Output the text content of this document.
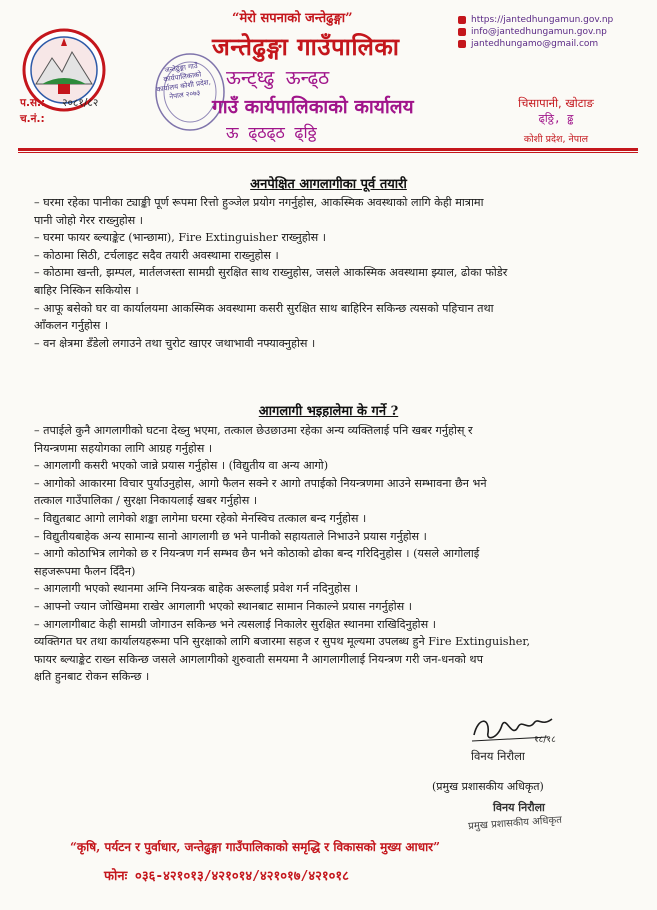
“मेरो सपनाको जन्तेढुङ्गा”
जन्तेढुङ्गा गाउँ कार्यपालिकाको कार्यालय कोशी प्रदेश, नेपाल २०७३
जन्तेढुङ्गा गाउँपालिका
ऊन्ट्ध्ढु ऊन्ढ्ठ
गाउँ कार्यपालिकाको कार्यालय
ऊ ढ्ठढ्ठ ढ्ठ्ठि
https://jantedhungamun.gov.np
info@jantedhungamun.gov.np
jantedhungamo@gmail.com
चिसापानी, खोटाङ
ढ्ठ्ठि, ढ्ढ
कोशी प्रदेश, नेपाल
प.सं.: २०८१/८२
च.नं.:
अनपेक्षित आगलागीका पूर्व तयारी
– घरमा रहेका पानीका ट्याङ्की पूर्ण रूपमा रित्तो हुञ्जेल प्रयोग नगर्नुहोस, आकस्मिक अवस्थाको लागि केही मात्रामा
पानी जोहो गेरर राख्नुहोस ।
– घरमा फायर ब्ल्याङ्केट (भान्छामा), Fire Extinguisher राख्नुहोस ।
– कोठामा सिठी, टर्चलाइट सदैव तयारी अवस्थामा राख्नुहोस ।
– कोठामा खन्ती, झम्पल, मार्तलजस्ता सामग्री सुरक्षित साथ राख्नुहोस, जसले आकस्मिक अवस्थामा झ्याल, ढोका फोडेर
बाहिर निस्किन सकियोस ।
– आफू बसेको घर वा कार्यालयमा आकस्मिक अवस्थामा कसरी सुरक्षित साथ बाहिरिन सकिन्छ त्यसको पहिचान तथा
आँकलन गर्नुहोस ।
– वन क्षेत्रमा डँडेलो लगाउने तथा चुरोट खाएर जथाभावी नफ्याक्नुहोस ।
आगलागी भइहालेमा के गर्ने ?
– तपाईले कुनै आगलागीको घटना देख्नु भएमा, तत्काल छेउछाउमा रहेका अन्य व्यक्तिलाई पनि खबर गर्नुहोस् र
नियन्त्रणमा सहयोगका लागि आग्रह गर्नुहोस ।
– आगलागी कसरी भएको जान्ने प्रयास गर्नुहोस । (विद्युतीय वा अन्य आगो)
– आगोको आकारमा विचार पुर्याउनुहोस, आगो फैलन सक्ने र आगो तपाईको नियन्त्रणमा आउने सम्भावना छैन भने
तत्काल गाउँपालिका / सुरक्षा निकायलाई खबर गर्नुहोस ।
– विद्युतबाट आगो लागेको शङ्का लागेमा घरमा रहेको मेनस्विच तत्काल बन्द गर्नुहोस ।
– विद्युतीयबाहेक अन्य सामान्य सानो आगलागी छ भने पानीको सहायताले निभाउने प्रयास गर्नुहोस ।
– आगो कोठाभित्र लागेको छ र नियन्त्रण गर्न सम्भव छैन भने कोठाको ढोका बन्द गरिदिनुहोस । (यसले आगोलाई
सहजरूपमा फैलन दिँदैन)
– आगलागी भएको स्थानमा अग्नि नियन्त्रक बाहेक अरूलाई प्रवेश गर्न नदिनुहोस ।
– आफ्नो ज्यान जोखिममा राखेर आगलागी भएको स्थानबाट सामान निकाल्ने प्रयास नगर्नुहोस ।
– आगलागीबाट केही सामग्री जोगाउन सकिन्छ भने त्यसलाई निकालेर सुरक्षित स्थानमा राखिदिनुहोस ।
व्यक्तिगत घर तथा कार्यालयहरूमा पनि सुरक्षाको लागि बजारमा सहज र सुपथ मूल्यमा उपलब्ध हुने Fire Extinguisher,
फायर ब्ल्याङ्केट राख्न सकिन्छ जसले आगलागीको शुरुवाती समयमा नै आगलागीलाई नियन्त्रण गरी जन-धनको थप
क्षति हुनबाट रोकन सकिन्छ ।
१८/१८
विनय निरौला
(प्रमुख प्रशासकीय अधिकृत)
विनय निरौला
प्रमुख प्रशासकीय अधिकृत
“कृषि, पर्यटन र पुर्वाधार, जन्तेढुङ्गा गाउँपालिकाको समृद्धि र विकासको मुख्य आधार”
फोनः ०३६-४२१०१३/४२१०१४/४२१०१७/४२१०१८
